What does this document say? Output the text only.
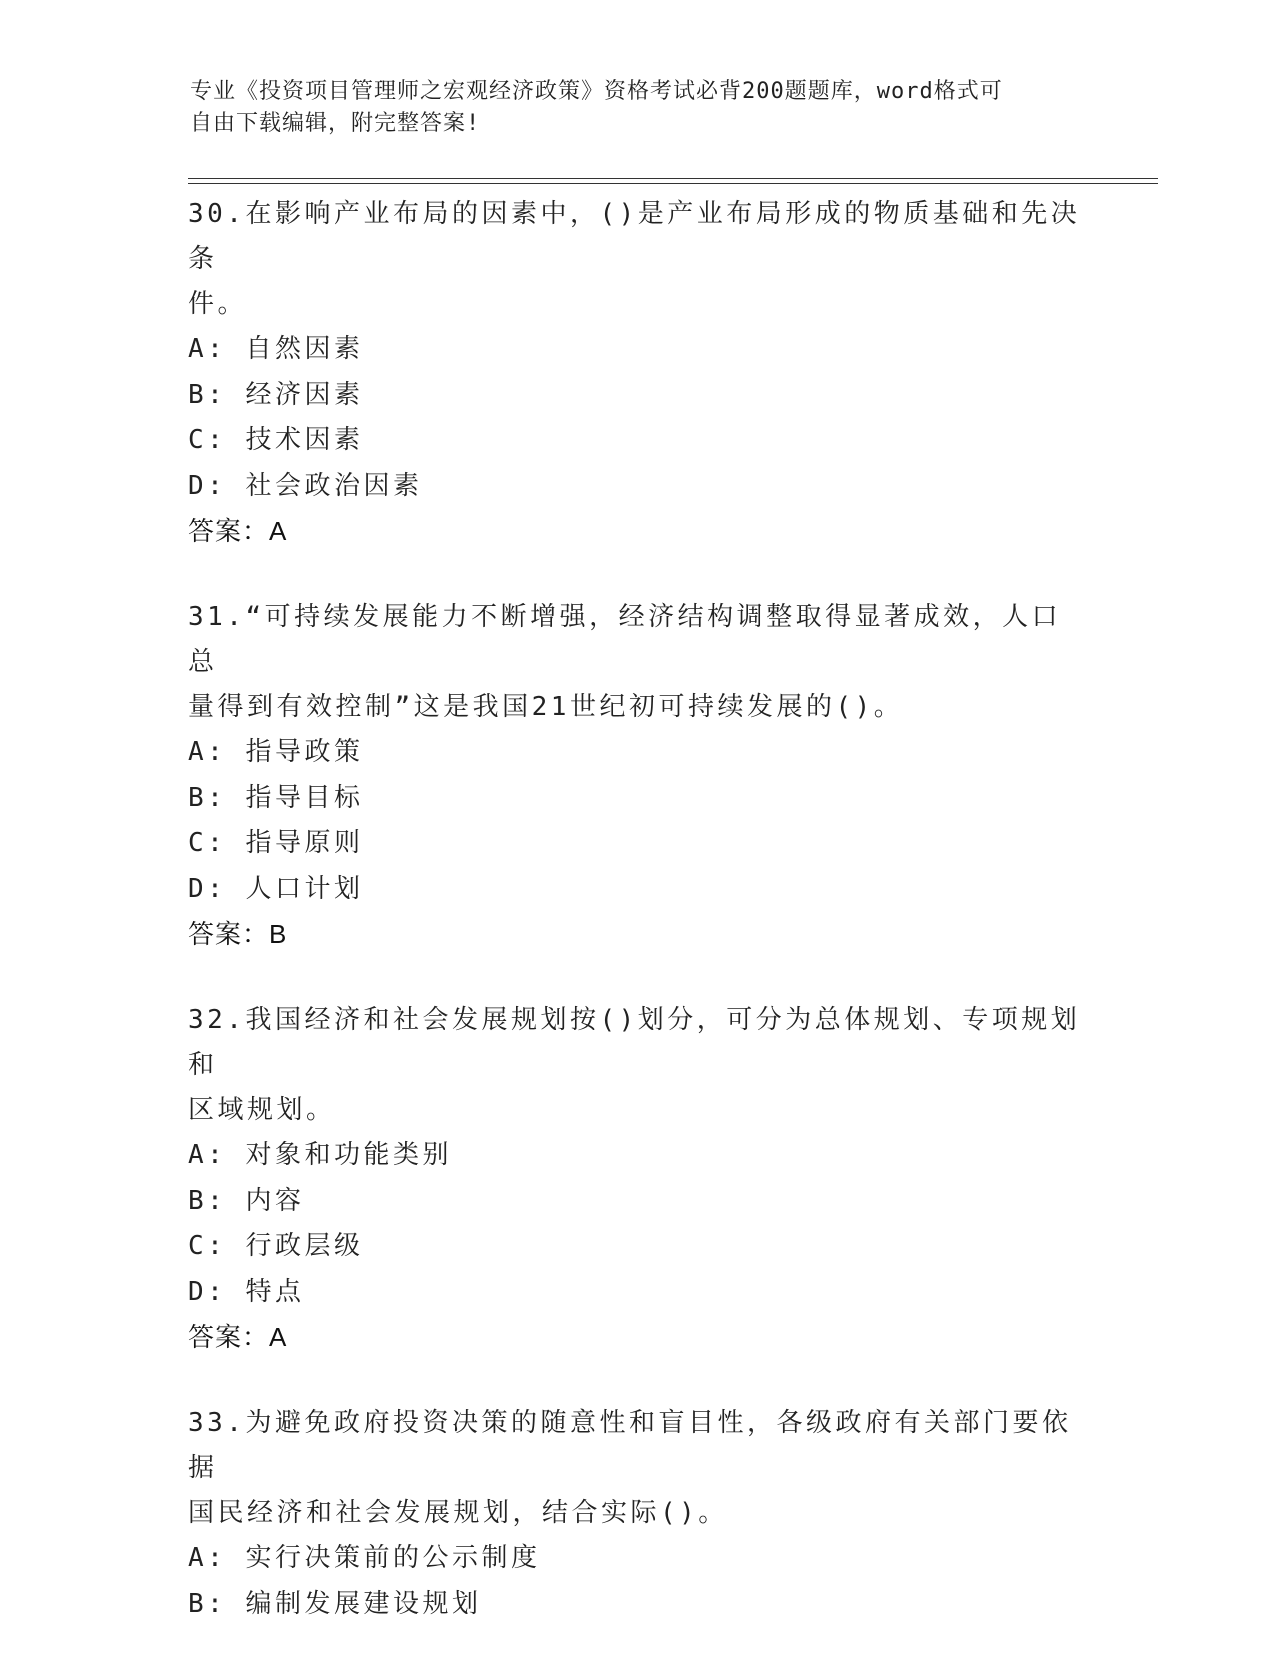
专业《投资项目管理师之宏观经济政策》资格考试必背200题题库，word格式可
自由下载编辑，附完整答案!
30.在影响产业布局的因素中，()是产业布局形成的物质基础和先决条
件。
A: 自然因素
B: 经济因素
C: 技术因素
D: 社会政治因素
答案：A
31.“可持续发展能力不断增强，经济结构调整取得显著成效，人口总
量得到有效控制”这是我国21世纪初可持续发展的()。
A: 指导政策
B: 指导目标
C: 指导原则
D: 人口计划
答案：B
32.我国经济和社会发展规划按()划分，可分为总体规划、专项规划和
区域规划。
A: 对象和功能类别
B: 内容
C: 行政层级
D: 特点
答案：A
33.为避免政府投资决策的随意性和盲目性，各级政府有关部门要依据
国民经济和社会发展规划，结合实际()。
A: 实行决策前的公示制度
B: 编制发展建设规划
